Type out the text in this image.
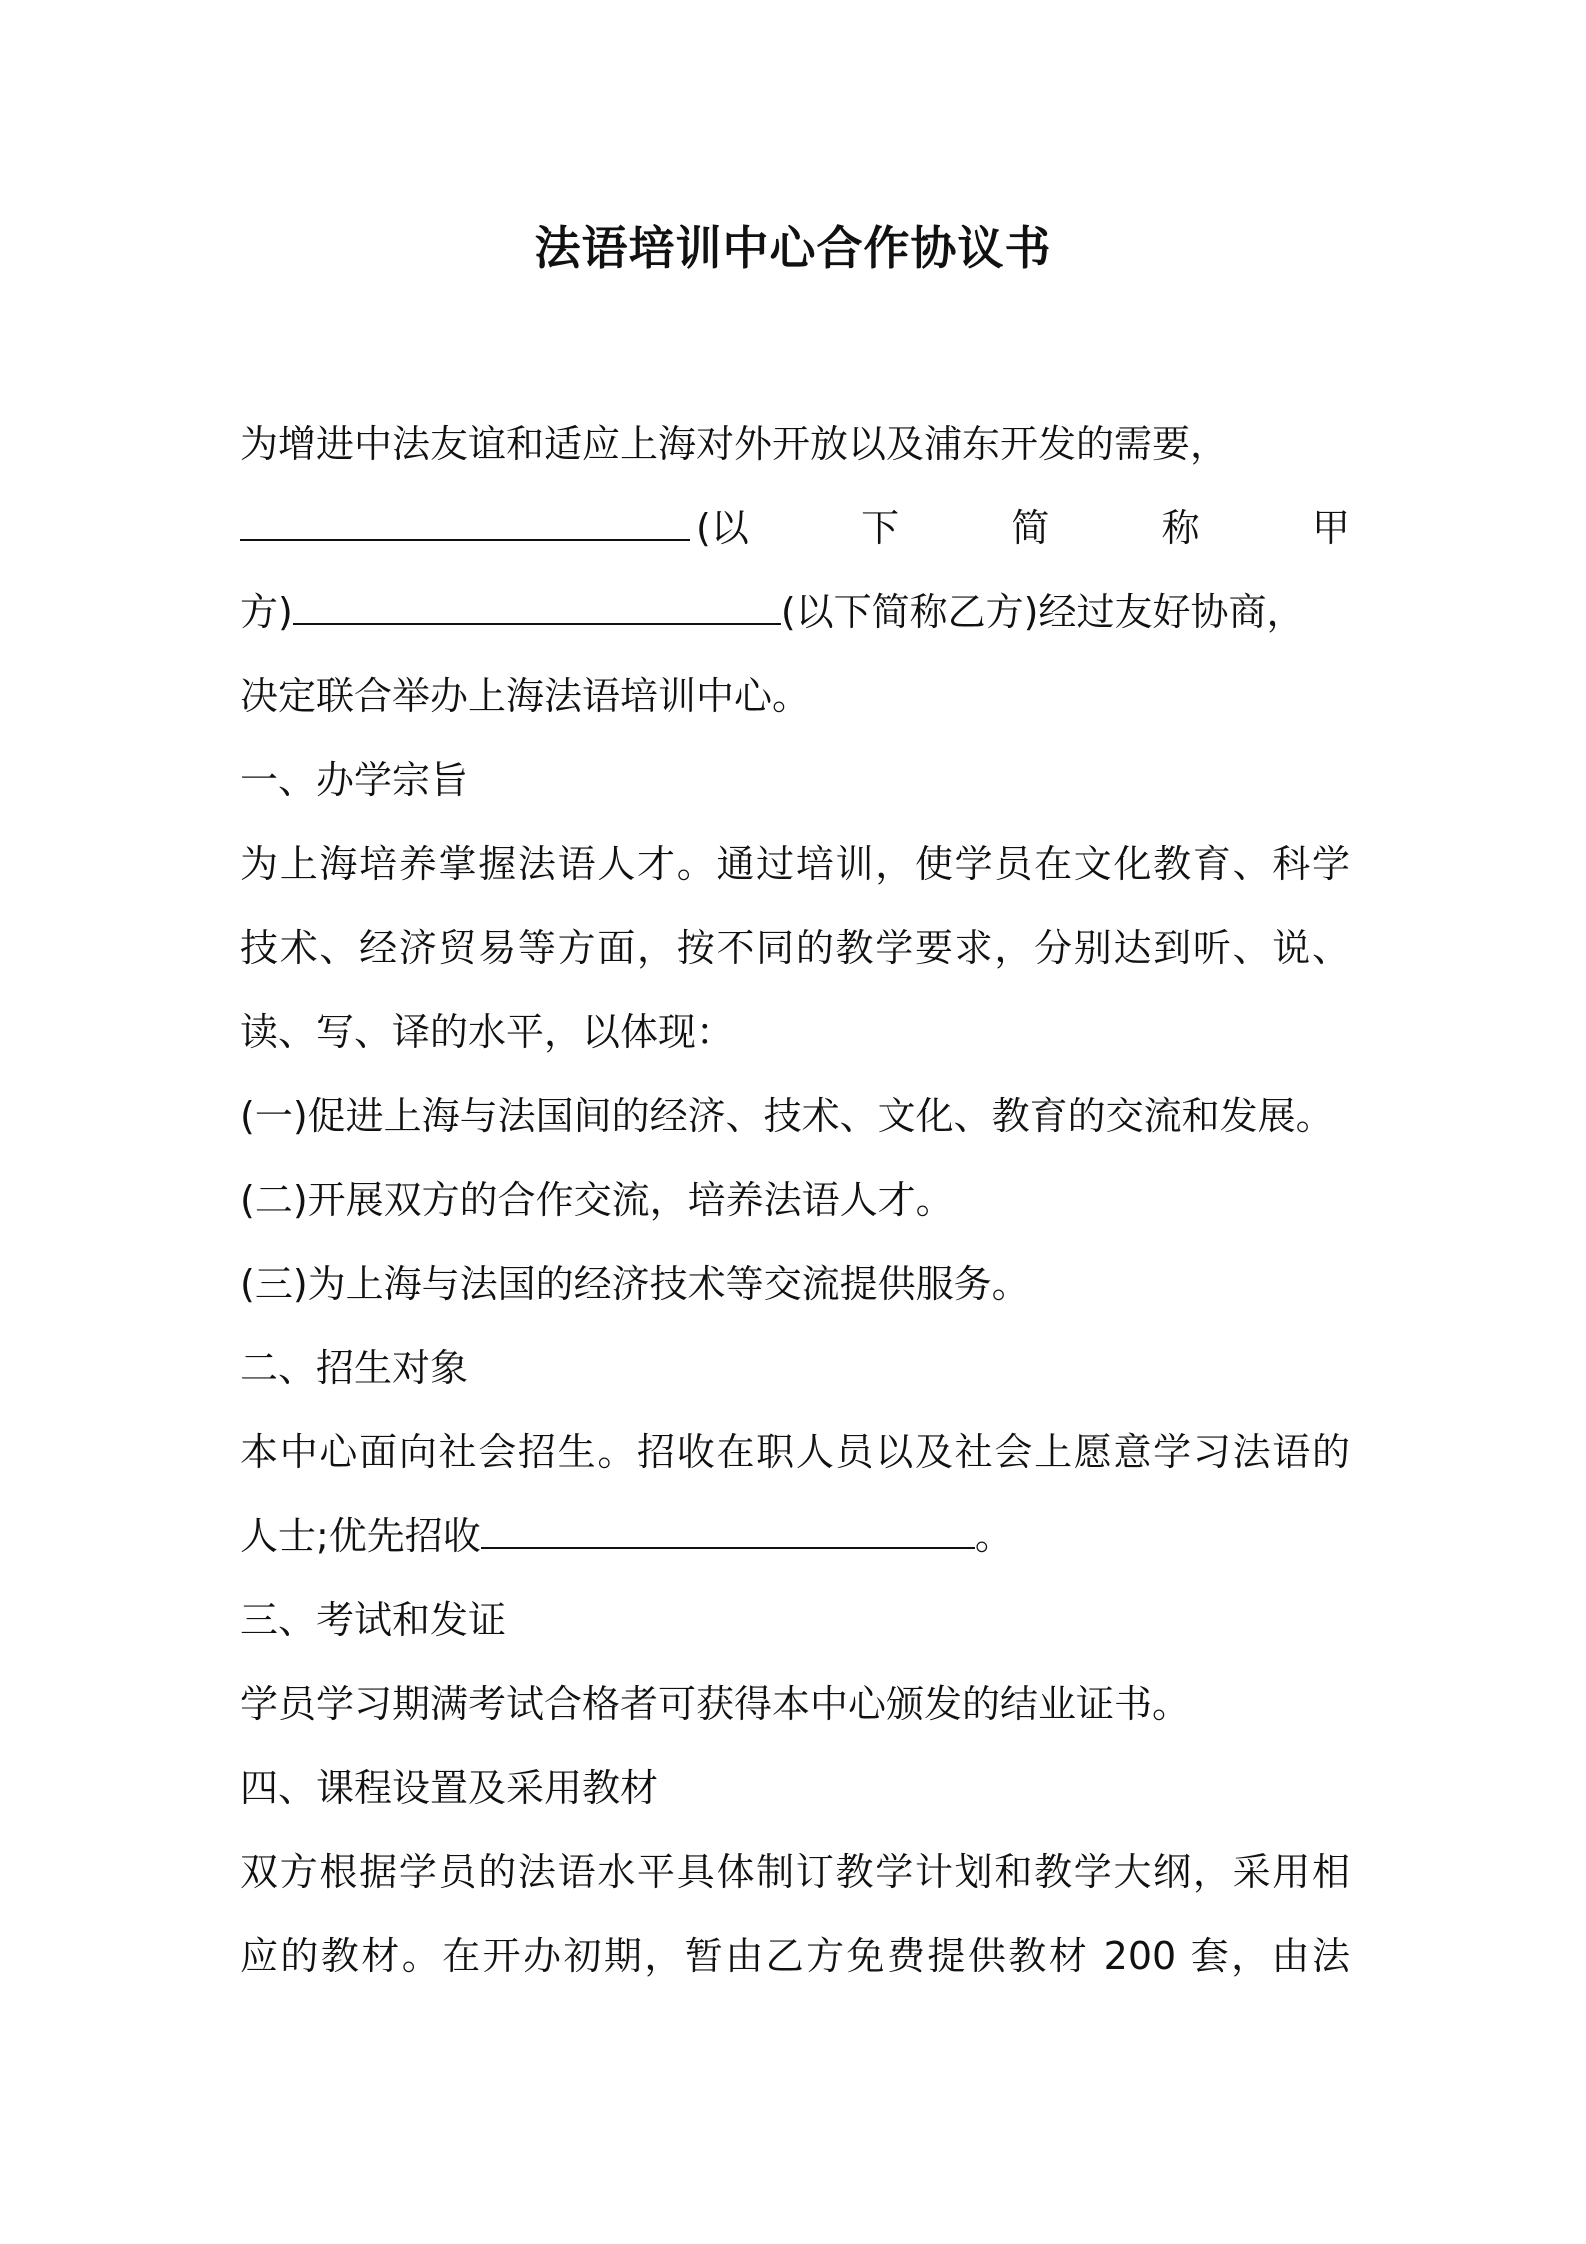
法语培训中心合作协议书
为增进中法友谊和适应上海对外开放以及浦东开发的需要，
(以	下	简	称	甲
方)	(以下简称乙方)经过友好协商，
决定联合举办上海法语培训中心。
一、办学宗旨
为上海培养掌握法语人才。通过培训，使学员在文化教育、科学
技术、经济贸易等方面，按不同的教学要求，分别达到听、说、
读、写、译的水平，以体现：
(一)促进上海与法国间的经济、技术、文化、教育的交流和发展。
(二)开展双方的合作交流，培养法语人才。
(三)为上海与法国的经济技术等交流提供服务。
二、招生对象
本中心面向社会招生。招收在职人员以及社会上愿意学习法语的
人士;优先招收	。
三、考试和发证
学员学习期满考试合格者可获得本中心颁发的结业证书。
四、课程设置及采用教材
双方根据学员的法语水平具体制订教学计划和教学大纲，采用相
应的教材。在开办初期，暂由乙方免费提供教材 200 套，由法
